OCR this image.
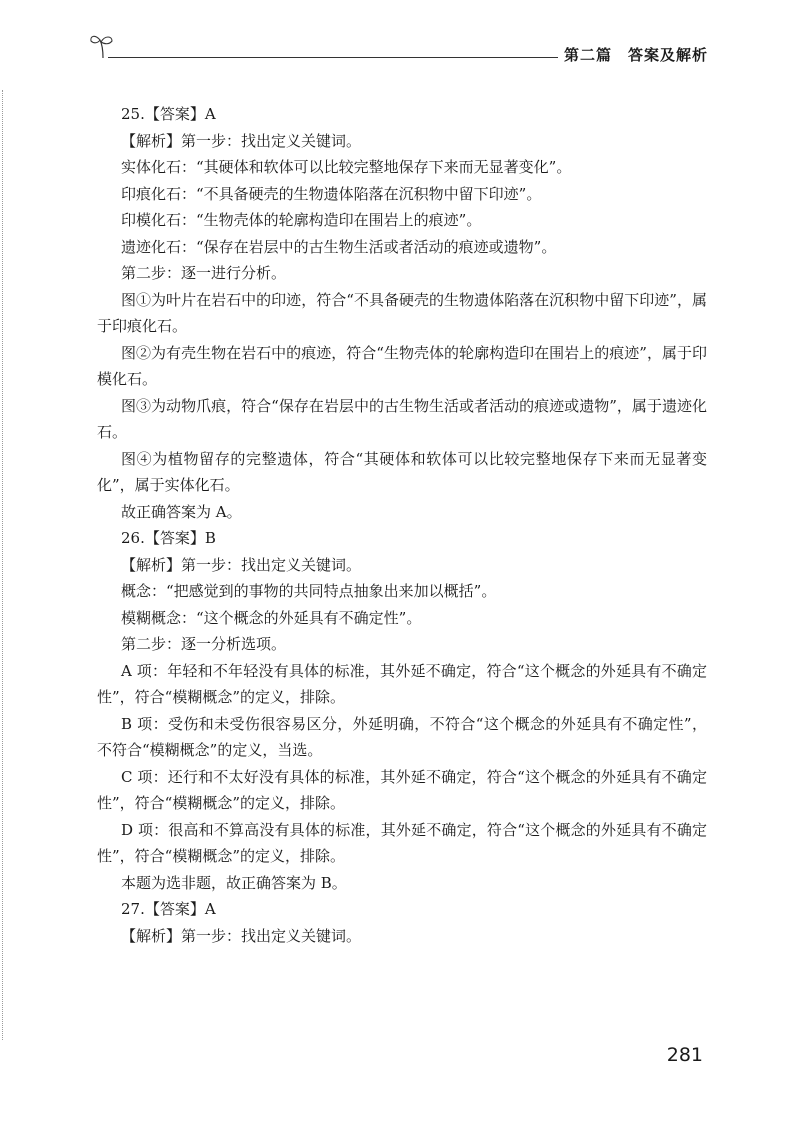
第二篇　答案及解析

25.【答案】A

【解析】第一步：找出定义关键词。

实体化石：“其硬体和软体可以比较完整地保存下来而无显著变化”。

印痕化石：“不具备硬壳的生物遗体陷落在沉积物中留下印迹”。

印模化石：“生物壳体的轮廓构造印在围岩上的痕迹”。

遗迹化石：“保存在岩层中的古生物生活或者活动的痕迹或遗物”。

第二步：逐一进行分析。

图①为叶片在岩石中的印迹，符合“不具备硬壳的生物遗体陷落在沉积物中留下印迹”，属于印痕化石。

图②为有壳生物在岩石中的痕迹，符合“生物壳体的轮廓构造印在围岩上的痕迹”，属于印模化石。

图③为动物爪痕，符合“保存在岩层中的古生物生活或者活动的痕迹或遗物”，属于遗迹化石。

图④为植物留存的完整遗体，符合“其硬体和软体可以比较完整地保存下来而无显著变化”，属于实体化石。

故正确答案为 A。

26.【答案】B

【解析】第一步：找出定义关键词。

概念：“把感觉到的事物的共同特点抽象出来加以概括”。

模糊概念：“这个概念的外延具有不确定性”。

第二步：逐一分析选项。

A 项：年轻和不年轻没有具体的标准，其外延不确定，符合“这个概念的外延具有不确定性”，符合“模糊概念”的定义，排除。

B 项：受伤和未受伤很容易区分，外延明确，不符合“这个概念的外延具有不确定性”，不符合“模糊概念”的定义，当选。

C 项：还行和不太好没有具体的标准，其外延不确定，符合“这个概念的外延具有不确定性”，符合“模糊概念”的定义，排除。

D 项：很高和不算高没有具体的标准，其外延不确定，符合“这个概念的外延具有不确定性”，符合“模糊概念”的定义，排除。

本题为选非题，故正确答案为 B。

27.【答案】A

【解析】第一步：找出定义关键词。

281
